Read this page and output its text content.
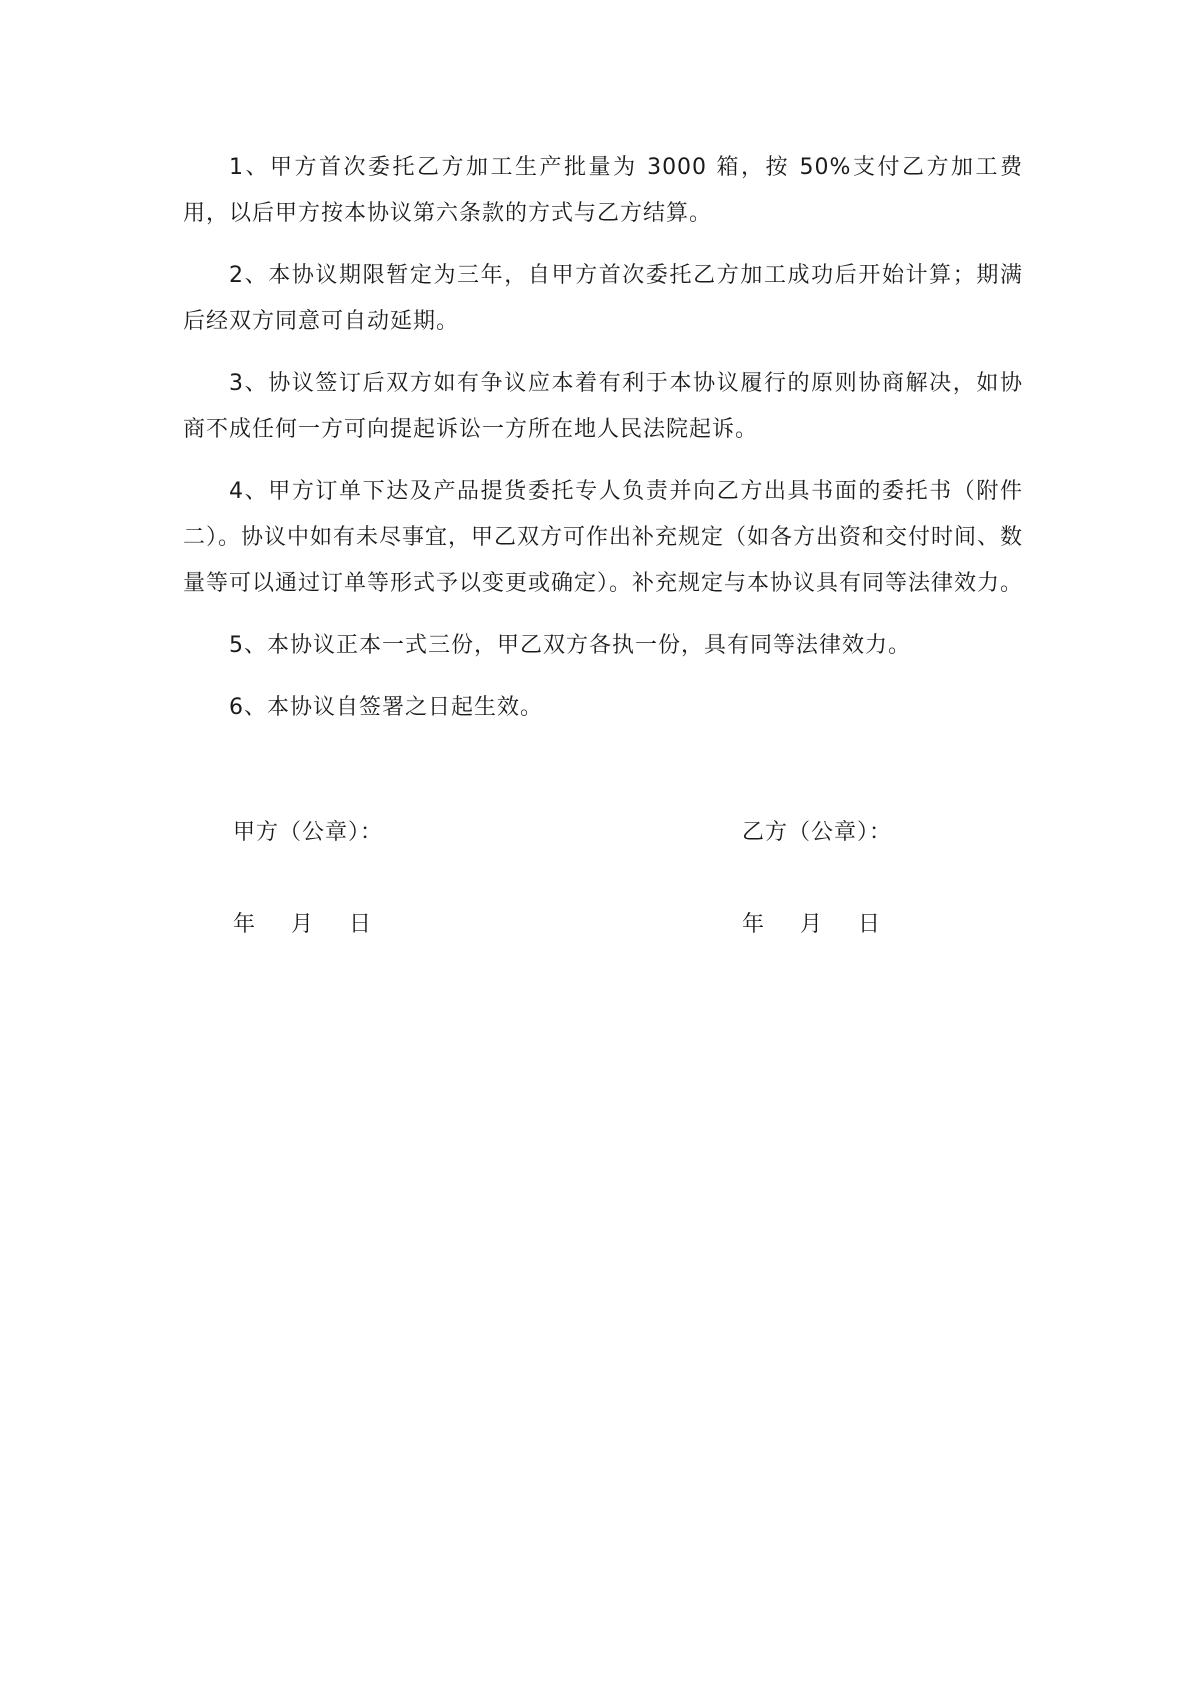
1、甲方首次委托乙方加工生产批量为 3000 箱，按 50%支付乙方加工费用，以后甲方按本协议第六条款的方式与乙方结算。

2、本协议期限暂定为三年，自甲方首次委托乙方加工成功后开始计算；期满后经双方同意可自动延期。

3、协议签订后双方如有争议应本着有利于本协议履行的原则协商解决，如协商不成任何一方可向提起诉讼一方所在地人民法院起诉。

4、甲方订单下达及产品提货委托专人负责并向乙方出具书面的委托书（附件二）。协议中如有未尽事宜，甲乙双方可作出补充规定（如各方出资和交付时间、数量等可以通过订单等形式予以变更或确定）。补充规定与本协议具有同等法律效力。

5、本协议正本一式三份，甲乙双方各执一份，具有同等法律效力。

6、本协议自签署之日起生效。

甲方（公章）：	乙方（公章）：
年 月 日	年 月 日
